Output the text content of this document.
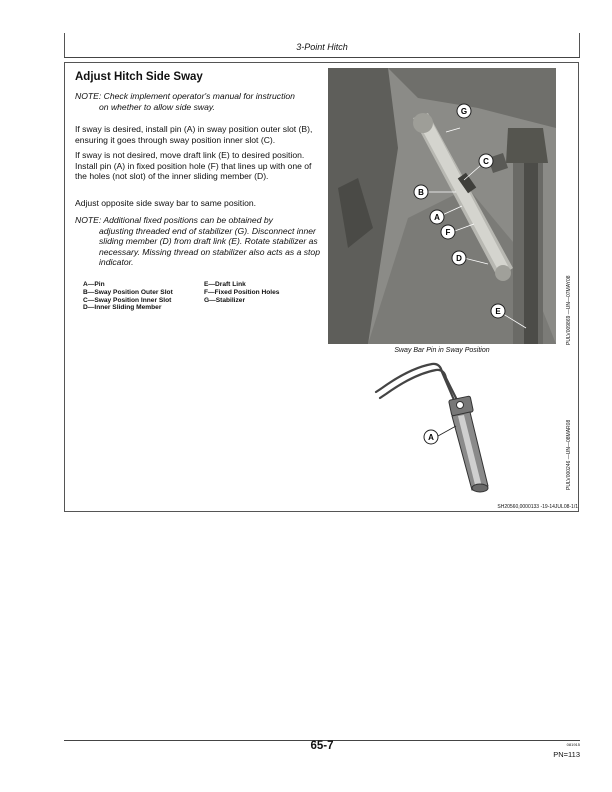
3-Point Hitch
Adjust Hitch Side Sway
NOTE: Check implement operator's manual for instruction
on whether to allow side sway.
If sway is desired, install pin (A) in sway position outer slot (B), ensuring it goes through sway position inner slot (C).
If sway is not desired, move draft link (E) to desired position. Install pin (A) in fixed position hole (F) that lines up with one of the holes (not slot) of the inner sliding member (D).
Adjust opposite side sway bar to same position.
NOTE: Additional fixed positions can be obtained by
adjusting threaded end of stabilizer (G). Disconnect inner sliding member (D) from draft link (E). Rotate stabilizer as necessary. Missing thread on stabilizer also acts as a stop indicator.
A—Pin
B—Sway Position Outer Slot
C—Sway Position Inner Slot
D—Inner Sliding Member
E—Draft Link
F—Fixed Position Holes
G—Stabilizer
G
C
B
A
F
D
E
Sway Bar Pin in Sway Position
PULV009869 —UN—07MAY08
A	PULV000246 —UN—08MAR08
SH20560,0000133 -19-14JUL08-1/1
65-7	081915
PN=113
